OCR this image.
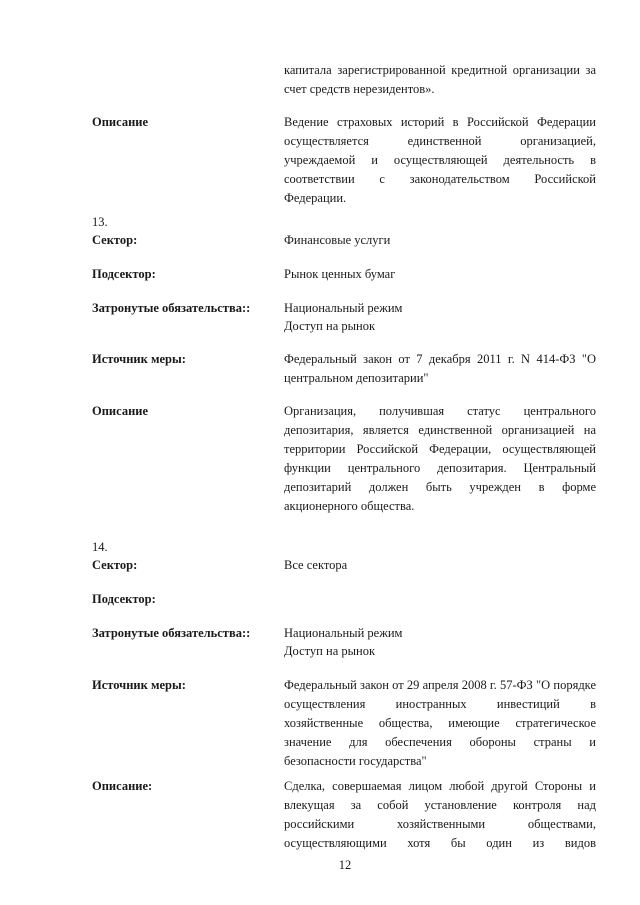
капитала зарегистрированной кредитной организации за счет средств нерезидентов».
Описание	Ведение страховых историй в Российской Федерации осуществляется единственной организацией, учреждаемой и осуществляющей деятельность в соответствии с законодательством Российской Федерации.
13.
Сектор:	Финансовые услуги
Подсектор:	Рынок ценных бумаг
Затронутые обязательства::	Национальный режим
Доступ на рынок
Источник меры:	Федеральный закон от 7 декабря 2011 г. N 414-ФЗ "О центральном депозитарии"
Описание	Организация, получившая статус центрального депозитария, является единственной организацией на территории Российской Федерации, осуществляющей функции центрального депозитария. Центральный депозитарий должен быть учрежден в форме акционерного общества.
14.
Сектор:	Все сектора
Подсектор:
Затронутые обязательства::	Национальный режим
Доступ на рынок
Источник меры:	Федеральный закон от 29 апреля 2008 г. 57-ФЗ "О порядке осуществления иностранных инвестиций в хозяйственные общества, имеющие стратегическое значение для обеспечения обороны страны и безопасности государства"
Описание:	Сделка, совершаемая лицом любой другой Стороны и влекущая за собой установление контроля над российскими хозяйственными обществами, осуществляющими хотя бы один из видов
12
